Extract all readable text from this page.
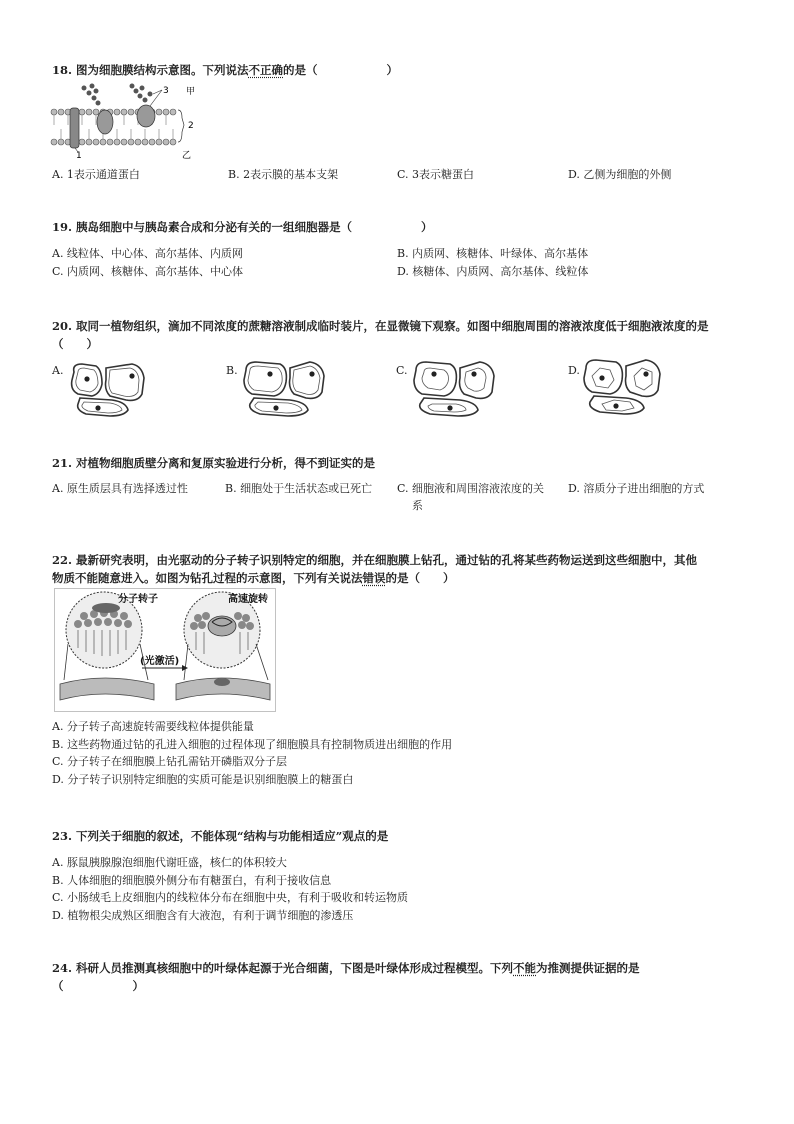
18. 图为细胞膜结构示意图。下列说法不正确的是（　　　　　　）
3 甲
2
1	乙
A. 1表示通道蛋白	B. 2表示膜的基本支架	C. 3表示糖蛋白	D. 乙侧为细胞的外侧
19. 胰岛细胞中与胰岛素合成和分泌有关的一组细胞器是（　　　　　　）
A. 线粒体、中心体、高尔基体、内质网	B. 内质网、核糖体、叶绿体、高尔基体
C. 内质网、核糖体、高尔基体、中心体	D. 核糖体、内质网、高尔基体、线粒体
20. 取同一植物组织，滴加不同浓度的蔗糖溶液制成临时装片，在显微镜下观察。如图中细胞周围的溶液浓度低于细胞液浓度的是
（　　）
A.	B.	C.	D.
21. 对植物细胞质壁分离和复原实验进行分析，得不到证实的是
A. 原生质层具有选择透过性	B. 细胞处于生活状态或已死亡 C. 细胞液和周围溶液浓度的关
系
D. 溶质分子进出细胞的方式
22. 最新研究表明，由光驱动的分子转子识别特定的细胞，并在细胞膜上钻孔，通过钻的孔将某些药物运送到这些细胞中，其他
物质不能随意进入。如图为钻孔过程的示意图，下列有关说法错误的是（　　）
分子转子	高速旋转
(光激活)
A. 分子转子高速旋转需要线粒体提供能量
B. 这些药物通过钻的孔进入细胞的过程体现了细胞膜具有控制物质进出细胞的作用
C. 分子转子在细胞膜上钻孔需钻开磷脂双分子层
D. 分子转子识别特定细胞的实质可能是识别细胞膜上的糖蛋白
23. 下列关于细胞的叙述，不能体现“结构与功能相适应”观点的是
A. 豚鼠胰腺腺泡细胞代谢旺盛，核仁的体积较大
B. 人体细胞的细胞膜外侧分布有糖蛋白，有利于接收信息
C. 小肠绒毛上皮细胞内的线粒体分布在细胞中央，有利于吸收和转运物质
D. 植物根尖成熟区细胞含有大液泡，有利于调节细胞的渗透压
24. 科研人员推测真核细胞中的叶绿体起源于光合细菌，下图是叶绿体形成过程模型。下列不能为推测提供证据的是
（　　　　　　）
